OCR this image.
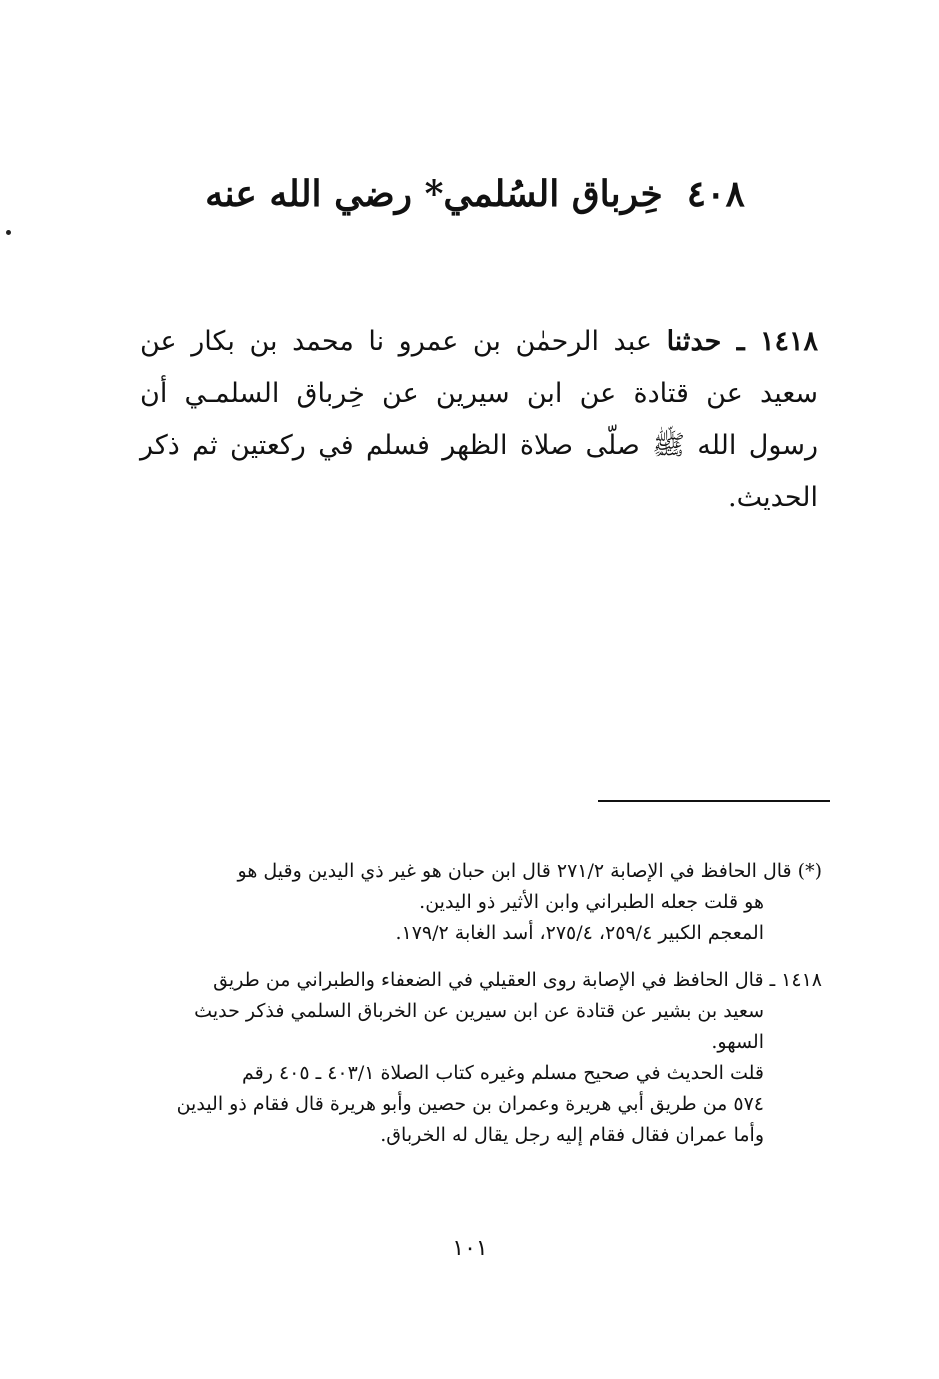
٤٠٨خِرباق السُلمي* رضي الله عنه
١٤١٨ ـ حدثنا عبد الرحمٰن بن عمرو نا محمد بن بكار عن سعيد عن قتادة عن ابن سيرين عن خِرباق السلمـي أن رسول الله ﷺ صلّى صلاة الظهر فسلم في ركعتين ثم ذكر الحديث.
(*) قال الحافظ في الإصابة ٢٧١/٢ قال ابن حبان هو غير ذي اليدين وقيل هو
هو قلت جعله الطبراني وابن الأثير ذو اليدين.
المعجم الكبير ٢٥٩/٤، ٢٧٥/٤، أسد الغابة ١٧٩/٢.
١٤١٨ ـ قال الحافظ في الإصابة روى العقيلي في الضعفاء والطبراني من طريق
سعيد بن بشير عن قتادة عن ابن سيرين عن الخرباق السلمي فذكر حديث
السهو.
قلت الحديث في صحيح مسلم وغيره كتاب الصلاة ٤٠٣/١ ـ ٤٠٥ رقم
٥٧٤ من طريق أبي هريرة وعمران بن حصين وأبو هريرة قال فقام ذو اليدين
وأما عمران فقال فقام إليه رجل يقال له الخرباق.
١٠١
